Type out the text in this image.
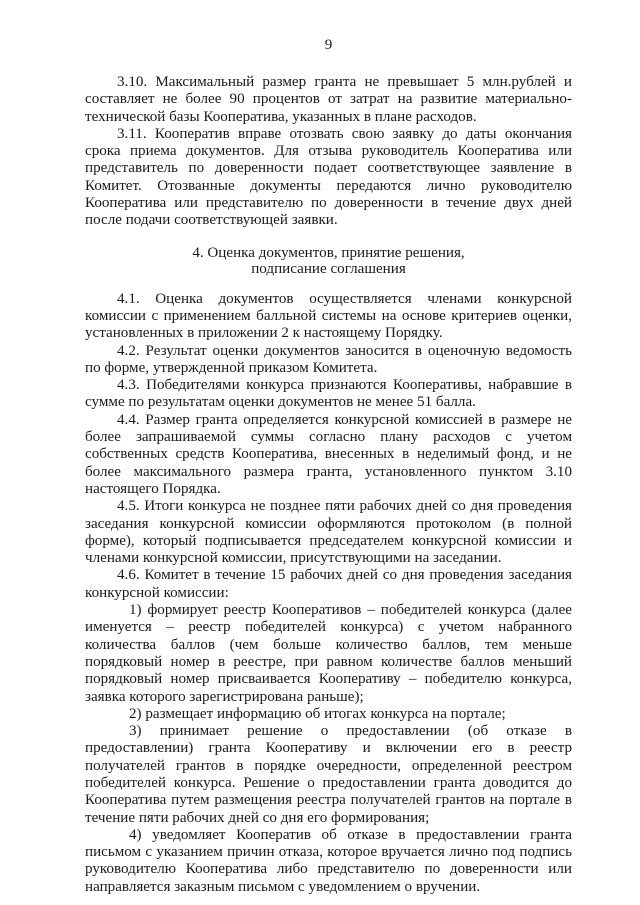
9

3.10. Максимальный размер гранта не превышает 5 млн.рублей и составляет не более 90 процентов от затрат на развитие материально-технической базы Кооператива, указанных в плане расходов.

3.11. Кооператив вправе отозвать свою заявку до даты окончания срока приема документов. Для отзыва руководитель Кооператива или представитель по доверенности подает соответствующее заявление в Комитет. Отозванные документы передаются лично руководителю Кооператива или представителю по доверенности в течение двух дней после подачи соответствующей заявки.

4. Оценка документов, принятие решения,
подписание соглашения

4.1. Оценка документов осуществляется членами конкурсной комиссии с применением балльной системы на основе критериев оценки, установленных в приложении 2 к настоящему Порядку.

4.2. Результат оценки документов заносится в оценочную ведомость по форме, утвержденной приказом Комитета.

4.3. Победителями конкурса признаются Кооперативы, набравшие в сумме по результатам оценки документов не менее 51 балла.

4.4. Размер гранта определяется конкурсной комиссией в размере не более запрашиваемой суммы согласно плану расходов с учетом собственных средств Кооператива, внесенных в неделимый фонд, и не более максимального размера гранта, установленного пунктом 3.10 настоящего Порядка.

4.5. Итоги конкурса не позднее пяти рабочих дней со дня проведения заседания конкурсной комиссии оформляются протоколом (в полной форме), который подписывается председателем конкурсной комиссии и членами конкурсной комиссии, присутствующими на заседании.

4.6. Комитет в течение 15 рабочих дней со дня проведения заседания конкурсной комиссии:

1) формирует реестр Кооперативов – победителей конкурса (далее именуется – реестр победителей конкурса) с учетом набранного количества баллов (чем больше количество баллов, тем меньше порядковый номер в реестре, при равном количестве баллов меньший порядковый номер присваивается Кооперативу – победителю конкурса, заявка которого зарегистрирована раньше);

2) размещает информацию об итогах конкурса на портале;

3) принимает решение о предоставлении (об отказе в предоставлении) гранта Кооперативу и включении его в реестр получателей грантов в порядке очередности, определенной реестром победителей конкурса. Решение о предоставлении гранта доводится до Кооператива путем размещения реестра получателей грантов на портале в течение пяти рабочих дней со дня его формирования;

4) уведомляет Кооператив об отказе в предоставлении гранта письмом с указанием причин отказа, которое вручается лично под подпись руководителю Кооператива либо представителю по доверенности или направляется заказным письмом с уведомлением о вручении.
